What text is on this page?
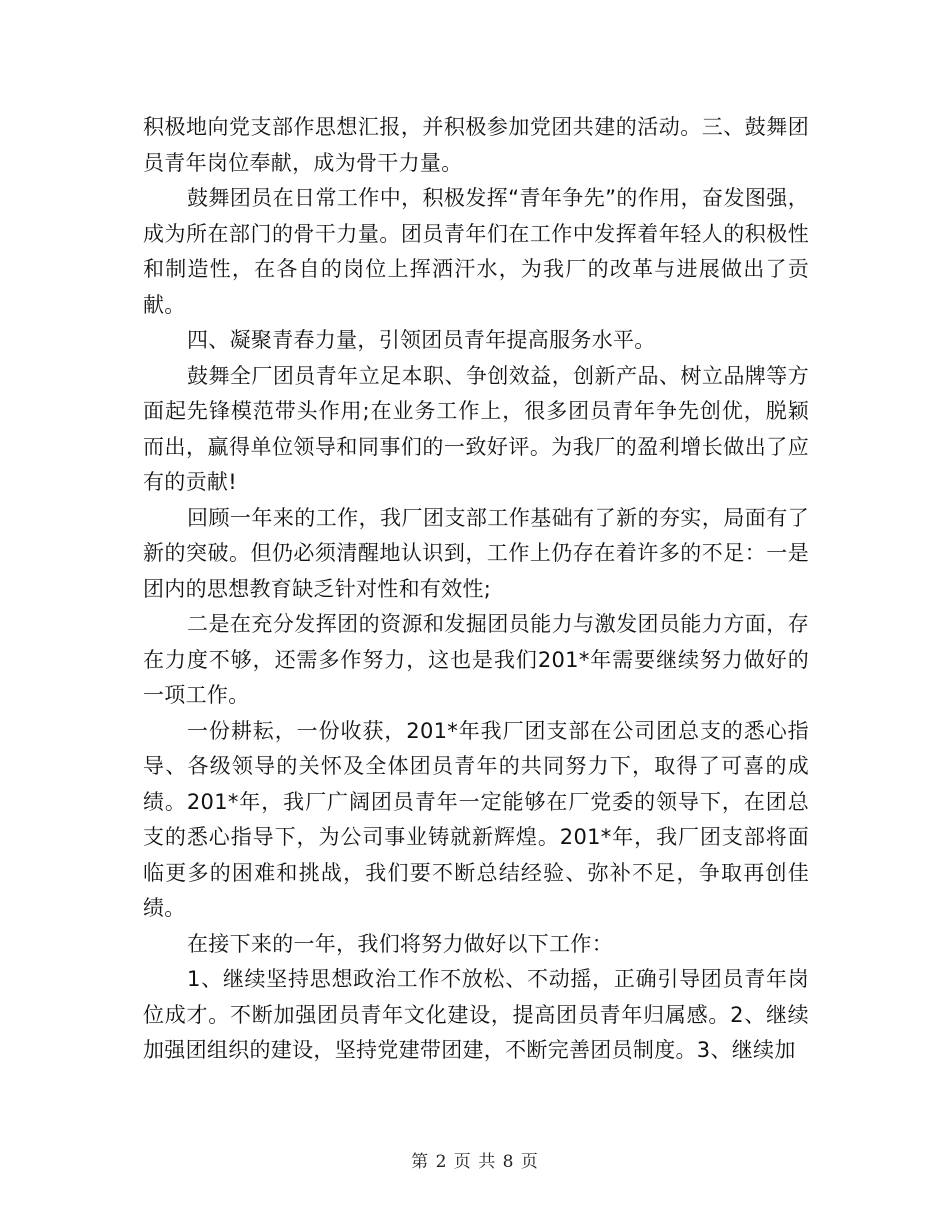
积极地向党支部作思想汇报，并积极参加党团共建的活动。三、鼓舞团员青年岗位奉献，成为骨干力量。

鼓舞团员在日常工作中，积极发挥“青年争先”的作用，奋发图强，成为所在部门的骨干力量。团员青年们在工作中发挥着年轻人的积极性和制造性，在各自的岗位上挥洒汗水，为我厂的改革与进展做出了贡献。

四、凝聚青春力量，引领团员青年提高服务水平。

鼓舞全厂团员青年立足本职、争创效益，创新产品、树立品牌等方面起先锋模范带头作用;在业务工作上，很多团员青年争先创优，脱颖而出，赢得单位领导和同事们的一致好评。为我厂的盈利增长做出了应有的贡献!

回顾一年来的工作，我厂团支部工作基础有了新的夯实，局面有了新的突破。但仍必须清醒地认识到，工作上仍存在着许多的不足：一是团内的思想教育缺乏针对性和有效性;

二是在充分发挥团的资源和发掘团员能力与激发团员能力方面，存在力度不够，还需多作努力，这也是我们201*年需要继续努力做好的一项工作。

一份耕耘，一份收获，201*年我厂团支部在公司团总支的悉心指导、各级领导的关怀及全体团员青年的共同努力下，取得了可喜的成绩。201*年，我厂广阔团员青年一定能够在厂党委的领导下，在团总支的悉心指导下，为公司事业铸就新辉煌。201*年，我厂团支部将面临更多的困难和挑战，我们要不断总结经验、弥补不足，争取再创佳绩。

在接下来的一年，我们将努力做好以下工作：

1、继续坚持思想政治工作不放松、不动摇，正确引导团员青年岗位成才。不断加强团员青年文化建设，提高团员青年归属感。2、继续加强团组织的建设，坚持党建带团建，不断完善团员制度。3、继续加

第 2 页 共 8 页
